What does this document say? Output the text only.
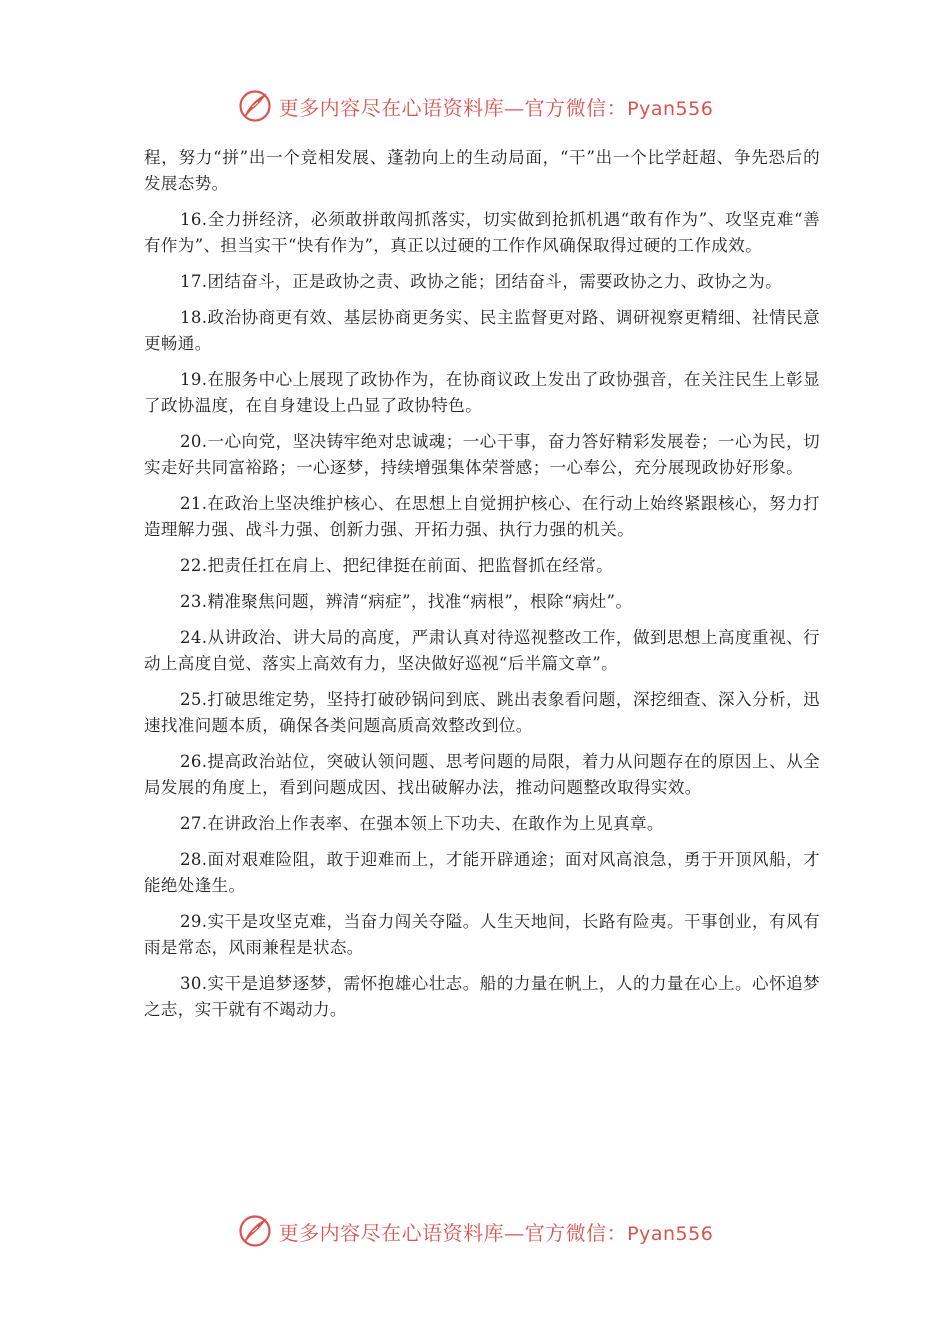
更多内容尽在心语资料库—官方微信：Pyan556

程，努力“拼”出一个竞相发展、蓬勃向上的生动局面，“干”出一个比学赶超、争先恐后的发展态势。

16.全力拼经济，必须敢拼敢闯抓落实，切实做到抢抓机遇“敢有作为”、攻坚克难“善有作为”、担当实干“快有作为”，真正以过硬的工作作风确保取得过硬的工作成效。

17.团结奋斗，正是政协之责、政协之能；团结奋斗，需要政协之力、政协之为。

18.政治协商更有效、基层协商更务实、民主监督更对路、调研视察更精细、社情民意更畅通。

19.在服务中心上展现了政协作为，在协商议政上发出了政协强音，在关注民生上彰显了政协温度，在自身建设上凸显了政协特色。

20.一心向党，坚决铸牢绝对忠诚魂；一心干事，奋力答好精彩发展卷；一心为民，切实走好共同富裕路；一心逐梦，持续增强集体荣誉感；一心奉公，充分展现政协好形象。

21.在政治上坚决维护核心、在思想上自觉拥护核心、在行动上始终紧跟核心，努力打造理解力强、战斗力强、创新力强、开拓力强、执行力强的机关。

22.把责任扛在肩上、把纪律挺在前面、把监督抓在经常。

23.精准聚焦问题，辨清“病症”，找准“病根”，根除“病灶”。

24.从讲政治、讲大局的高度，严肃认真对待巡视整改工作，做到思想上高度重视、行动上高度自觉、落实上高效有力，坚决做好巡视“后半篇文章”。

25.打破思维定势，坚持打破砂锅问到底、跳出表象看问题，深挖细查、深入分析，迅速找准问题本质，确保各类问题高质高效整改到位。

26.提高政治站位，突破认领问题、思考问题的局限，着力从问题存在的原因上、从全局发展的角度上，看到问题成因、找出破解办法，推动问题整改取得实效。

27.在讲政治上作表率、在强本领上下功夫、在敢作为上见真章。

28.面对艰难险阻，敢于迎难而上，才能开辟通途；面对风高浪急，勇于开顶风船，才能绝处逢生。

29.实干是攻坚克难，当奋力闯关夺隘。人生天地间，长路有险夷。干事创业，有风有雨是常态，风雨兼程是状态。

30.实干是追梦逐梦，需怀抱雄心壮志。船的力量在帆上，人的力量在心上。心怀追梦之志，实干就有不竭动力。

更多内容尽在心语资料库—官方微信：Pyan556
